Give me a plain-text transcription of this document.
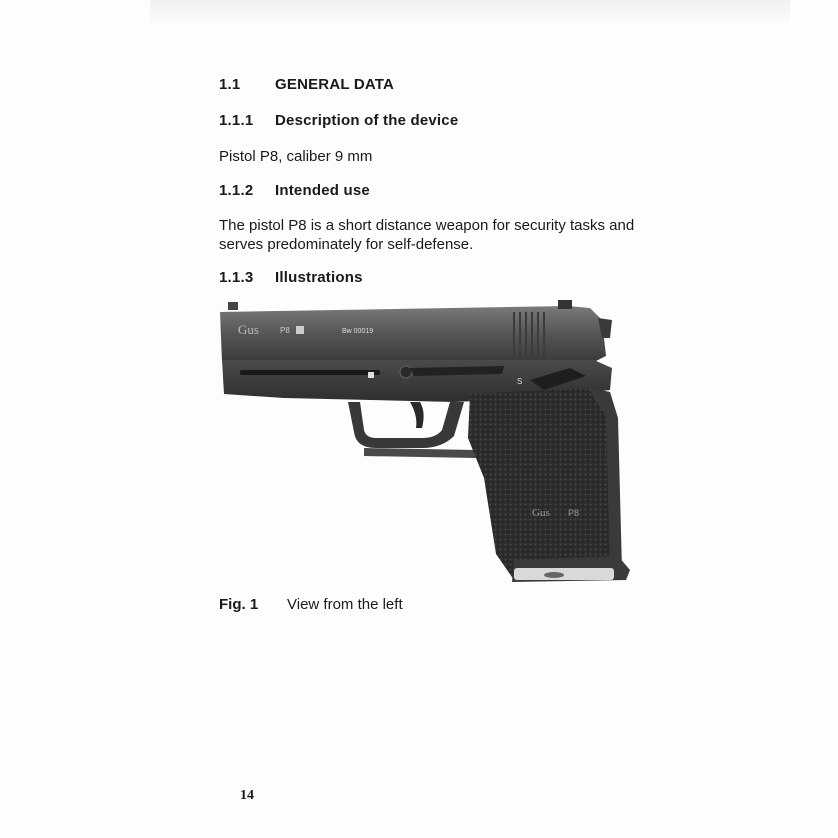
1.1 GENERAL DATA
1.1.1 Description of the device
Pistol P8, caliber 9 mm
1.1.2 Intended use
The pistol P8 is a short distance weapon for security tasks and
serves predominately for self-defense.
1.1.3 Illustrations
Gus	P8	Bw 00019
S
Gus P8
Fig. 1 View from the left
14
